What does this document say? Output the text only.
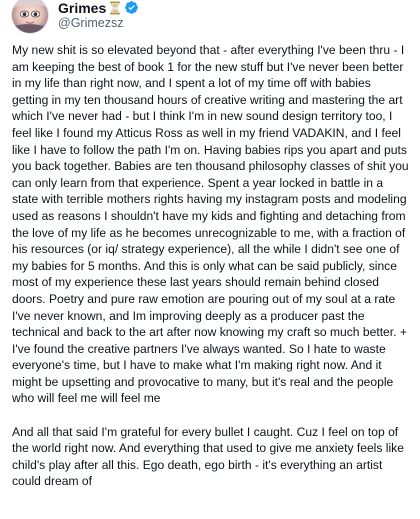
Grimes
@Grimezsz

My new shit is so elevated beyond that - after everything I've been thru - I am keeping the best of book 1 for the new stuff but I've never been better in my life than right now, and I spent a lot of my time off with babies getting in my ten thousand hours of creative writing and mastering the art which I've never had - but I think I'm in new sound design territory too, I feel like I found my Atticus Ross as well in my friend VADAKIN, and I feel like I have to follow the path I'm on. Having babies rips you apart and puts you back together. Babies are ten thousand philosophy classes of shit you can only learn from that experience. Spent a year locked in battle in a state with terrible mothers rights having my instagram posts and modeling used as reasons I shouldn't have my kids and fighting and detaching from the love of my life as he becomes unrecognizable to me, with a fraction of his resources (or iq/ strategy experience), all the while I didn't see one of my babies for 5 months. And this is only what can be said publicly, since most of my experience these last years should remain behind closed doors. Poetry and pure raw emotion are pouring out of my soul at a rate I've never known, and Im improving deeply as a producer past the technical and back to the art after now knowing my craft so much better. + I've found the creative partners I've always wanted. So I hate to waste everyone's time, but I have to make what I'm making right now. And it might be upsetting and provocative to many, but it's real and the people who will feel me will feel me

And all that said I'm grateful for every bullet I caught. Cuz I feel on top of the world right now. And everything that used to give me anxiety feels like child's play after all this. Ego death, ego birth - it's everything an artist could dream of
